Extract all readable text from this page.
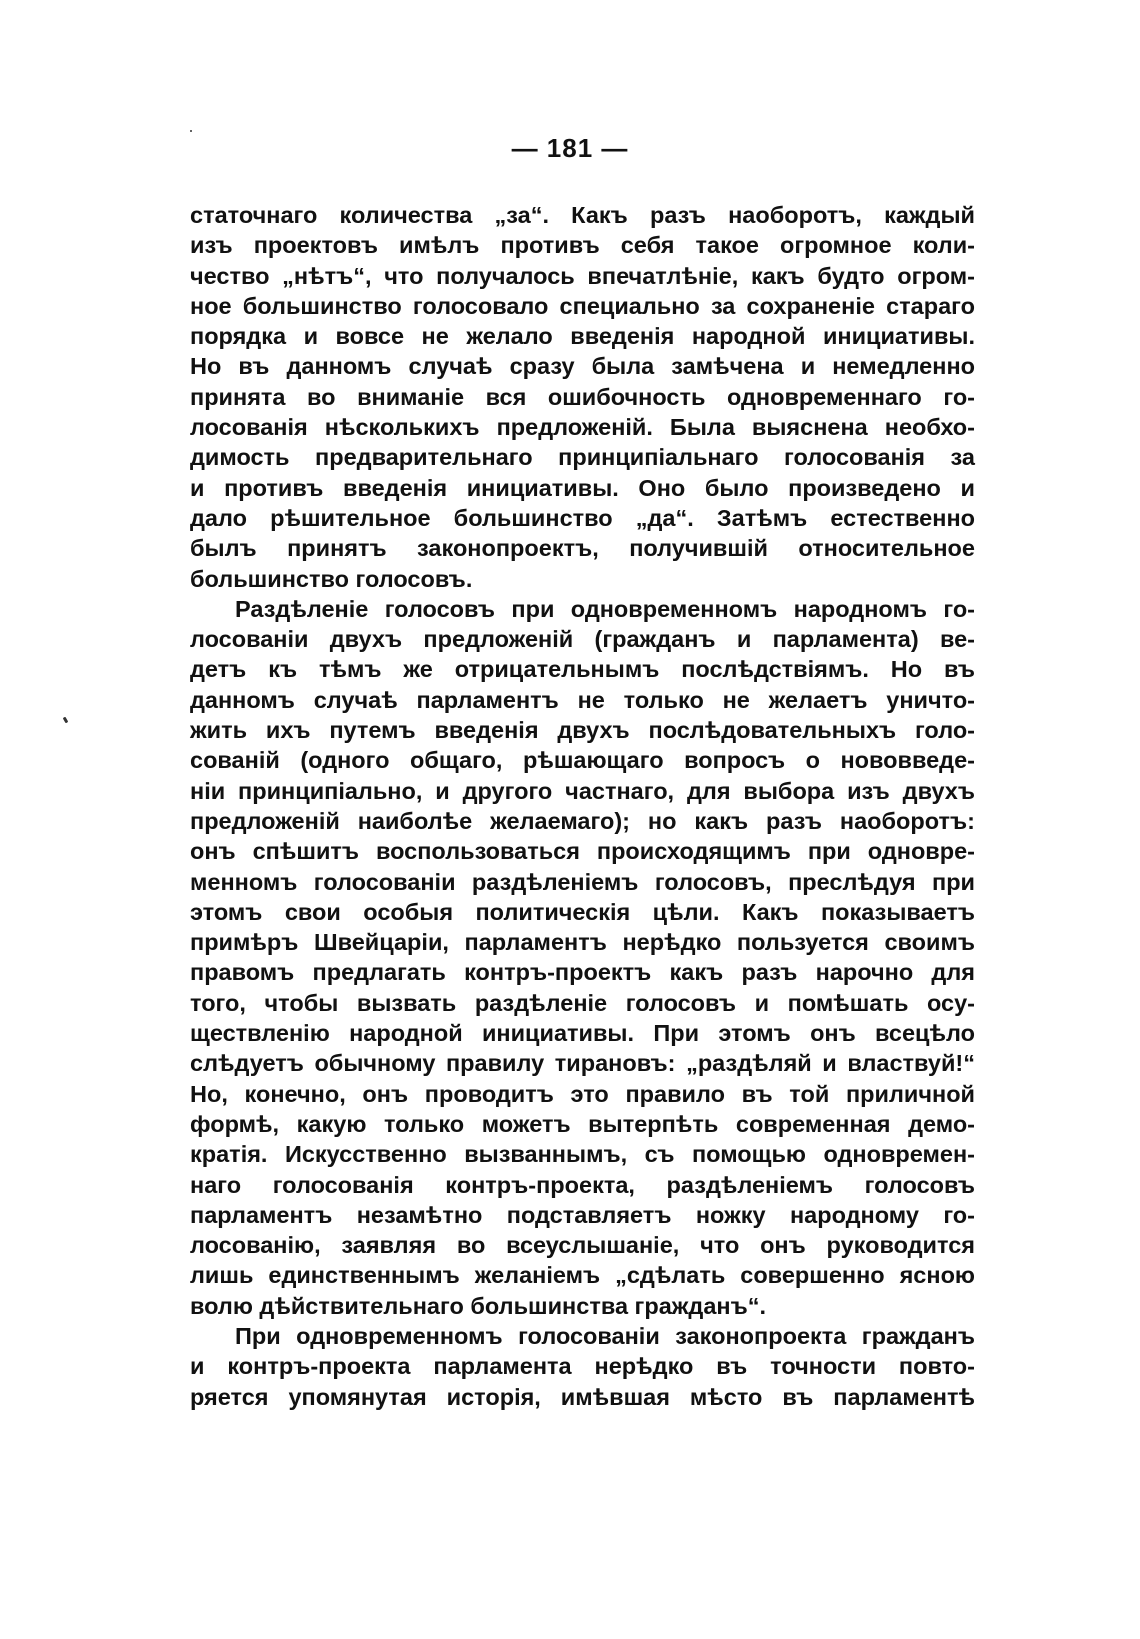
— 181 —
статочнаго количества „за“. Какъ разъ наоборотъ, каждый
изъ проектовъ имѣлъ противъ себя такое огромное коли-
чество „нѣтъ“, что получалось впечатлѣніе, какъ будто огром-
ное большинство голосовало специально за сохраненіе стараго
порядка и вовсе не желало введенія народной инициативы.
Но въ данномъ случаѣ сразу была замѣчена и немедленно
принята во вниманіе вся ошибочность одновременнаго го-
лосованія нѣсколькихъ предложеній. Была выяснена необхо-
димость предварительнаго принципіальнаго голосованія за
и противъ введенія инициативы. Оно было произведено и
дало рѣшительное большинство „да“. Затѣмъ естественно
былъ принятъ законопроектъ, получившій относительное
большинство голосовъ.
Раздѣленіе голосовъ при одновременномъ народномъ го-
лосованіи двухъ предложеній (гражданъ и парламента) ве-
детъ къ тѣмъ же отрицательнымъ послѣдствіямъ. Но въ
данномъ случаѣ парламентъ не только не желаетъ уничто-
жить ихъ путемъ введенія двухъ послѣдовательныхъ голо-
сованій (одного общаго, рѣшающаго вопросъ о нововведе-
ніи принципіально, и другого частнаго, для выбора изъ двухъ
предложеній наиболѣе желаемаго); но какъ разъ наоборотъ:
онъ спѣшитъ воспользоваться происходящимъ при одновре-
менномъ голосованіи раздѣленіемъ голосовъ, преслѣдуя при
этомъ свои особыя политическія цѣли. Какъ показываетъ
примѣръ Швейцаріи, парламентъ нерѣдко пользуется своимъ
правомъ предлагать контръ-проектъ какъ разъ нарочно для
того, чтобы вызвать раздѣленіе голосовъ и помѣшать осу-
ществленію народной инициативы. При этомъ онъ всецѣло
слѣдуетъ обычному правилу тирановъ: „раздѣляй и властвуй!“
Но, конечно, онъ проводитъ это правило въ той приличной
формѣ, какую только можетъ вытерпѣть современная демо-
кратія. Искусственно вызваннымъ, съ помощью одновремен-
наго голосованія контръ-проекта, раздѣленіемъ голосовъ
парламентъ незамѣтно подставляетъ ножку народному го-
лосованію, заявляя во всеуслышаніе, что онъ руководится
лишь единственнымъ желаніемъ „сдѣлать совершенно ясною
волю дѣйствительнаго большинства гражданъ“.
При одновременномъ голосованіи законопроекта гражданъ
и контръ-проекта парламента нерѣдко въ точности повто-
ряется упомянутая исторія, имѣвшая мѣсто въ парламентѣ
